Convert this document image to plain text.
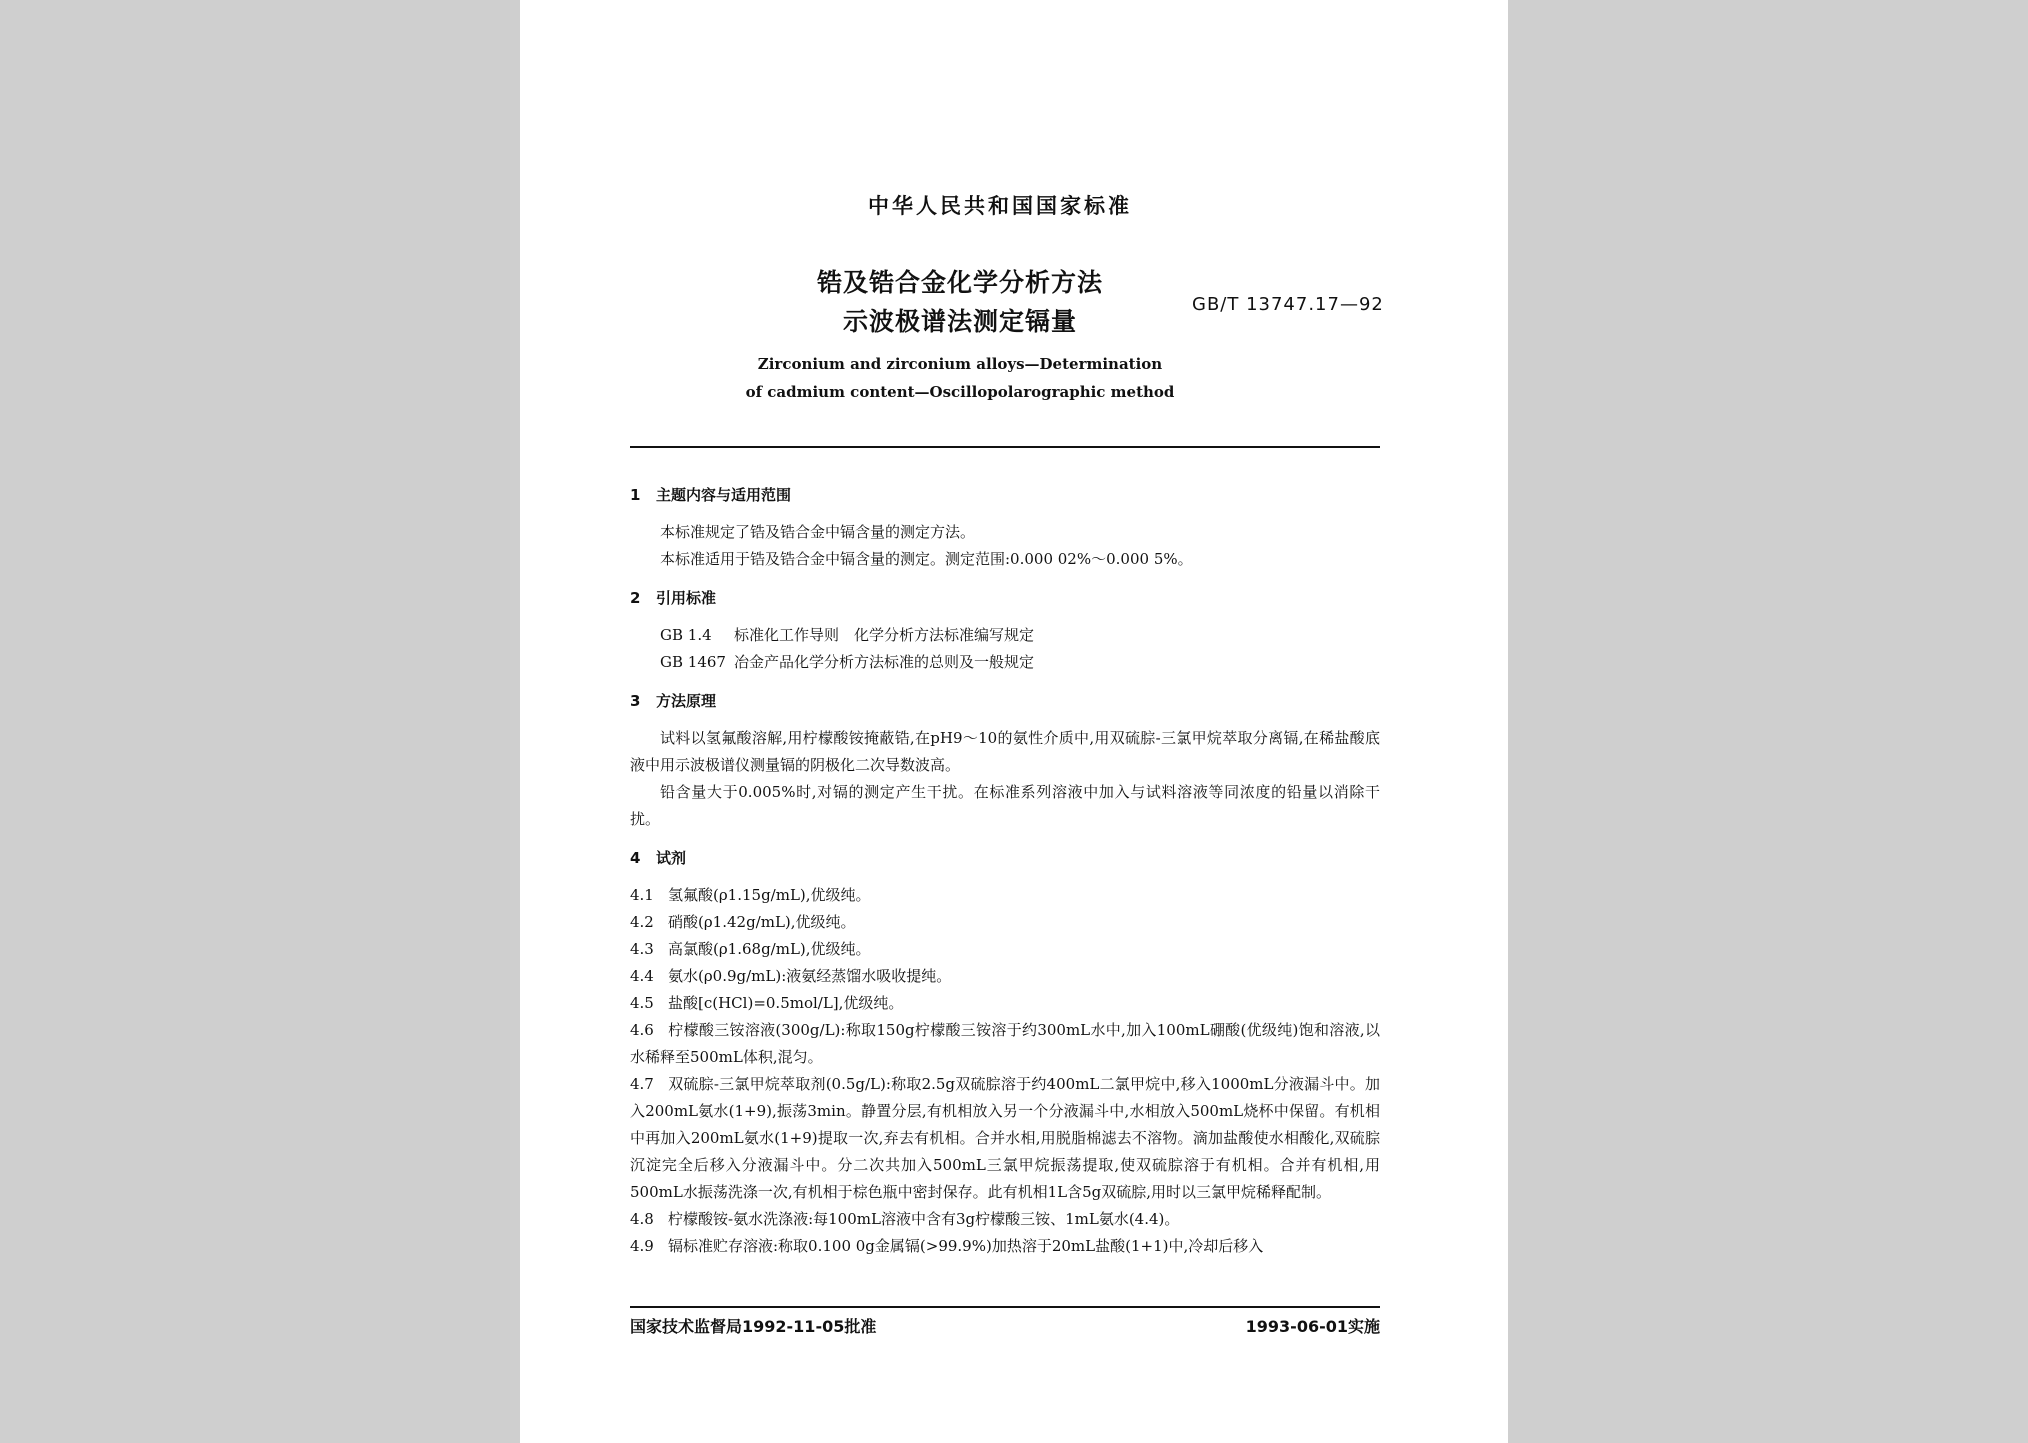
中华人民共和国国家标准
锆及锆合金化学分析方法
示波极谱法测定镉量
GB/T 13747.17—92
Zirconium and zirconium alloys—Determination
of cadmium content—Oscillopolarographic method
1 主题内容与适用范围

本标准规定了锆及锆合金中镉含量的测定方法。

本标准适用于锆及锆合金中镉含量的测定。测定范围:0.000 02%～0.000 5%。

2 引用标准

GB 1.4 标准化工作导则　化学分析方法标准编写规定

GB 1467 冶金产品化学分析方法标准的总则及一般规定

3 方法原理

试料以氢氟酸溶解,用柠檬酸铵掩蔽锆,在pH9～10的氨性介质中,用双硫腙-三氯甲烷萃取分离镉,在稀盐酸底液中用示波极谱仪测量镉的阴极化二次导数波高。

铅含量大于0.005%时,对镉的测定产生干扰。在标准系列溶液中加入与试料溶液等同浓度的铅量以消除干扰。

4 试剂

4.1 氢氟酸(ρ1.15g/mL),优级纯。

4.2 硝酸(ρ1.42g/mL),优级纯。

4.3 高氯酸(ρ1.68g/mL),优级纯。

4.4 氨水(ρ0.9g/mL):液氨经蒸馏水吸收提纯。

4.5 盐酸[c(HCl)=0.5mol/L],优级纯。

4.6 柠檬酸三铵溶液(300g/L):称取150g柠檬酸三铵溶于约300mL水中,加入100mL硼酸(优级纯)饱和溶液,以水稀释至500mL体积,混匀。

4.7 双硫腙-三氯甲烷萃取剂(0.5g/L):称取2.5g双硫腙溶于约400mL二氯甲烷中,移入1000mL分液漏斗中。加入200mL氨水(1+9),振荡3min。静置分层,有机相放入另一个分液漏斗中,水相放入500mL烧杯中保留。有机相中再加入200mL氨水(1+9)提取一次,弃去有机相。合并水相,用脱脂棉滤去不溶物。滴加盐酸使水相酸化,双硫腙沉淀完全后移入分液漏斗中。分二次共加入500mL三氯甲烷振荡提取,使双硫腙溶于有机相。合并有机相,用500mL水振荡洗涤一次,有机相于棕色瓶中密封保存。此有机相1L含5g双硫腙,用时以三氯甲烷稀释配制。

4.8 柠檬酸铵-氨水洗涤液:每100mL溶液中含有3g柠檬酸三铵、1mL氨水(4.4)。

4.9 镉标准贮存溶液:称取0.100 0g金属镉(>99.9%)加热溶于20mL盐酸(1+1)中,冷却后移入

国家技术监督局1992-11-05批准	1993-06-01实施
